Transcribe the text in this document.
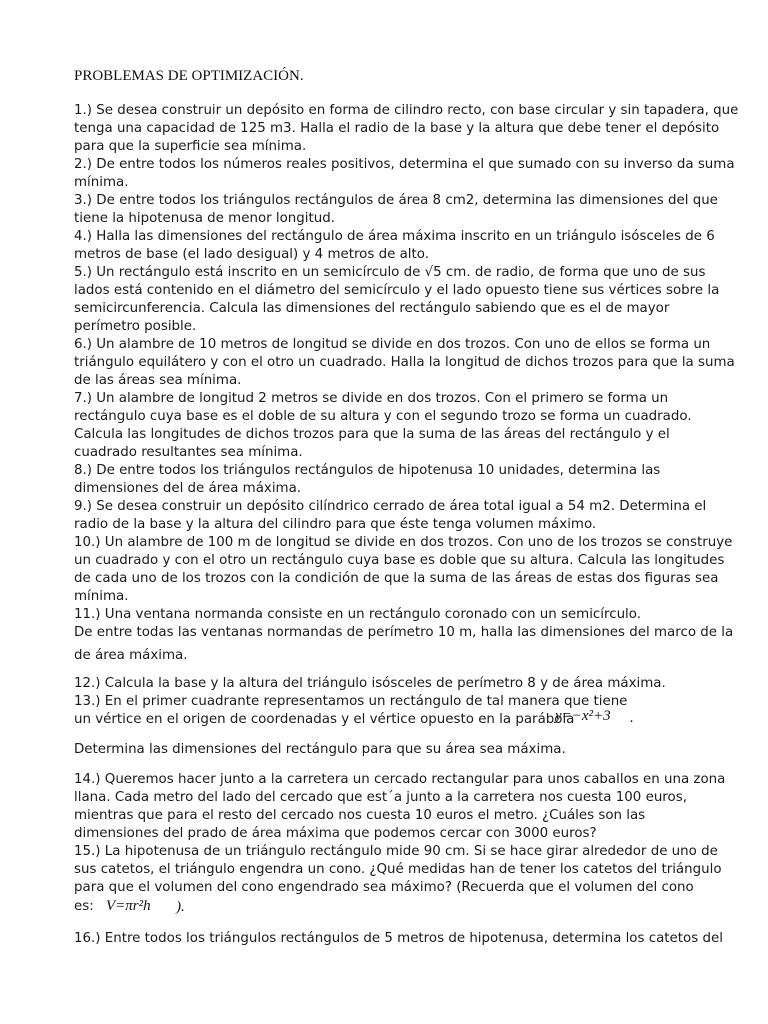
PROBLEMAS DE OPTIMIZACIÓN.
1.) Se desea construir un depósito en forma de cilindro recto, con base circular y sin tapadera, que
tenga una capacidad de 125 m3. Halla el radio de la base y la altura que debe tener el depósito
para que la superficie sea mínima.
2.) De entre todos los números reales positivos, determina el que sumado con su inverso da suma
mínima.
3.) De entre todos los triángulos rectángulos de área 8 cm2, determina las dimensiones del que
tiene la hipotenusa de menor longitud.
4.) Halla las dimensiones del rectángulo de área máxima inscrito en un triángulo isósceles de 6
metros de base (el lado desigual) y 4 metros de alto.
5.) Un rectángulo está inscrito en un semicírculo de √5 cm. de radio, de forma que uno de sus
lados está contenido en el diámetro del semicírculo y el lado opuesto tiene sus vértices sobre la
semicircunferencia. Calcula las dimensiones del rectángulo sabiendo que es el de mayor
perímetro posible.
6.) Un alambre de 10 metros de longitud se divide en dos trozos. Con uno de ellos se forma un
triángulo equilátero y con el otro un cuadrado. Halla la longitud de dichos trozos para que la suma
de las áreas sea mínima.
7.) Un alambre de longitud 2 metros se divide en dos trozos. Con el primero se forma un
rectángulo cuya base es el doble de su altura y con el segundo trozo se forma un cuadrado.
Calcula las longitudes de dichos trozos para que la suma de las áreas del rectángulo y el
cuadrado resultantes sea mínima.
8.) De entre todos los triángulos rectángulos de hipotenusa 10 unidades, determina las
dimensiones del de área máxima.
9.) Se desea construir un depósito cilíndrico cerrado de área total igual a 54 m2. Determina el
radio de la base y la altura del cilindro para que éste tenga volumen máximo.
10.) Un alambre de 100 m de longitud se divide en dos trozos. Con uno de los trozos se construye
un cuadrado y con el otro un rectángulo cuya base es doble que su altura. Calcula las longitudes
de cada uno de los trozos con la condición de que la suma de las áreas de estas dos figuras sea
mínima.
11.) Una ventana normanda consiste en un rectángulo coronado con un semicírculo.
De entre todas las ventanas normandas de perímetro 10 m, halla las dimensiones del marco de la
de área máxima.
12.) Calcula la base y la altura del triángulo isósceles de perímetro 8 y de área máxima.
13.) En el primer cuadrante representamos un rectángulo de tal manera que tiene
un vértice en el origen de coordenadas y el vértice opuesto en la parábola
Determina las dimensiones del rectángulo para que su área sea máxima.
14.) Queremos hacer junto a la carretera un cercado rectangular para unos caballos en una zona
llana. Cada metro del lado del cercado que est´a junto a la carretera nos cuesta 100 euros,
mientras que para el resto del cercado nos cuesta 10 euros el metro. ¿Cuáles son las
dimensiones del prado de área máxima que podemos cercar con 3000 euros?
15.) La hipotenusa de un triángulo rectángulo mide 90 cm. Si se hace girar alrededor de uno de
sus catetos, el triángulo engendra un cono. ¿Qué medidas han de tener los catetos del triángulo
para que el volumen del cono engendrado sea máximo? (Recuerda que el volumen del cono
es:
16.) Entre todos los triángulos rectángulos de 5 metros de hipotenusa, determina los catetos del
y=−x²+3 .
V=πr²h ).
